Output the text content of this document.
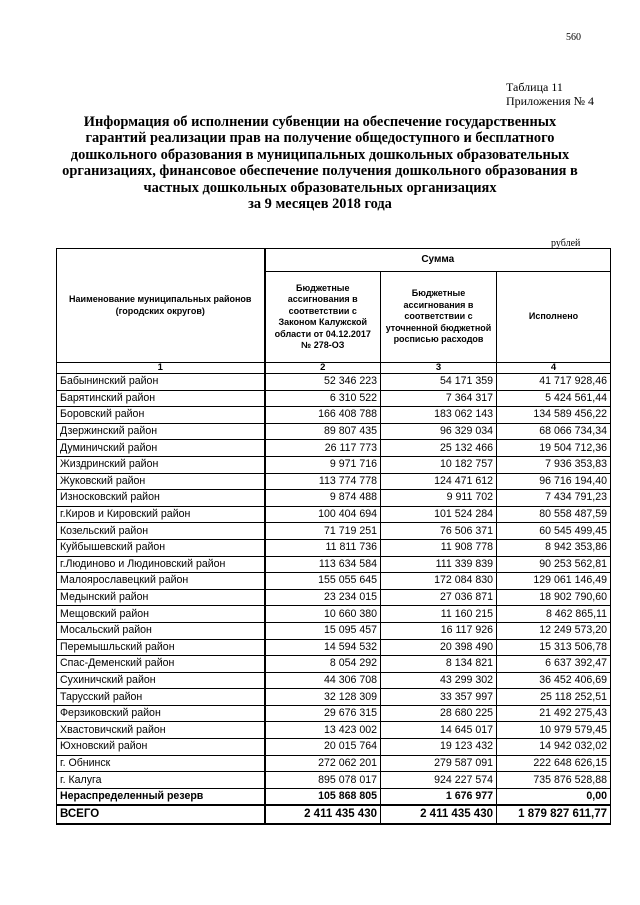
560
Таблица 11
Приложения № 4
Информация об исполнении субвенции на обеспечение государственных
гарантий реализации прав на получение общедоступного и бесплатного
дошкольного образования в муниципальных дошкольных образовательных
организациях, финансовое обеспечение получения дошкольного образования в
частных дошкольных образовательных организациях
за 9 месяцев 2018 года
рублей
Наименование муниципальных районов (городских округов)	Сумма		
	Бюджетные ассигнования в соответствии с Законом Калужской области от 04.12.2017 № 278-ОЗ	Бюджетные ассигнования в соответствии с уточненной бюджетной росписью расходов	Исполнено
1	2	3	4
Бабынинский район	52 346 223	54 171 359	41 717 928,46
Барятинский район	6 310 522	7 364 317	5 424 561,44
Боровский район	166 408 788	183 062 143	134 589 456,22
Дзержинский район	89 807 435	96 329 034	68 066 734,34
Думиничский район	26 117 773	25 132 466	19 504 712,36
Жиздринский район	9 971 716	10 182 757	7 936 353,83
Жуковский район	113 774 778	124 471 612	96 716 194,40
Износковский район	9 874 488	9 911 702	7 434 791,23
г.Киров и Кировский район	100 404 694	101 524 284	80 558 487,59
Козельский район	71 719 251	76 506 371	60 545 499,45
Куйбышевский район	11 811 736	11 908 778	8 942 353,86
г.Людиново и Людиновский район	113 634 584	111 339 839	90 253 562,81
Малоярославецкий район	155 055 645	172 084 830	129 061 146,49
Медынский район	23 234 015	27 036 871	18 902 790,60
Мещовский район	10 660 380	11 160 215	8 462 865,11
Мосальский район	15 095 457	16 117 926	12 249 573,20
Перемышльский район	14 594 532	20 398 490	15 313 506,78
Спас-Деменский район	8 054 292	8 134 821	6 637 392,47
Сухиничский район	44 306 708	43 299 302	36 452 406,69
Тарусский район	32 128 309	33 357 997	25 118 252,51
Ферзиковский район	29 676 315	28 680 225	21 492 275,43
Хвастовичский район	13 423 002	14 645 017	10 979 579,45
Юхновский район	20 015 764	19 123 432	14 942 032,02
г. Обнинск	272 062 201	279 587 091	222 648 626,15
г. Калуга	895 078 017	924 227 574	735 876 528,88
Нераспределенный резерв	105 868 805	1 676 977	0,00
ВСЕГО	2 411 435 430	2 411 435 430	1 879 827 611,77
